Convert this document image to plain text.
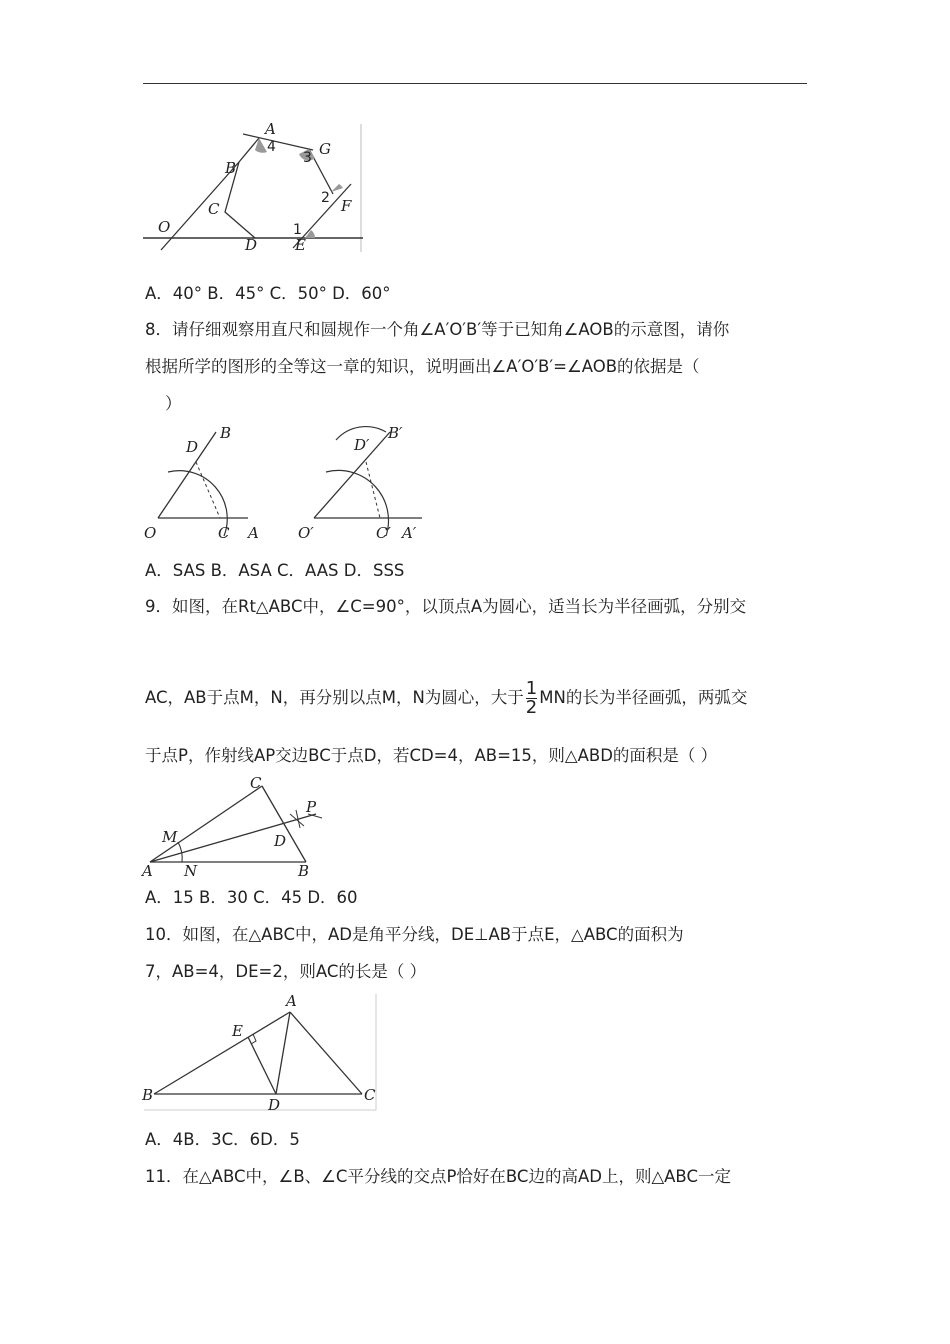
A
4
3 G
B
2 F
C
O	1
D	E
A．40° B．45° C．50° D．60°
8．请仔细观察用直尺和圆规作一个角∠A′O′B′等于已知角∠AOB的示意图，请你
根据所学的图形的全等这一章的知识，说明画出∠A′O′B′=∠AOB的依据是（
）
D
B
O	C A
D′
B′
O′	C′ A′
A．SAS B．ASA C．AAS D．SSS
9．如图，在Rt△ABC中，∠C=90°，以顶点A为圆心，适当长为半径画弧，分别交
AC，AB于点M，N，再分别以点M，N为圆心，大于 $\frac{1}{2}$ MN的长为半径画弧，两弧交
于点P，作射线AP交边BC于点D，若CD=4，AB=15，则△ABD的面积是（ ）
C
P
M	D
A N	B
A．15 B．30 C．45 D．60
10．如图，在△ABC中，AD是角平分线，DE⊥AB于点E，△ABC的面积为
7，AB=4，DE=2，则AC的长是（ ）
A
E
B
D
C
A．4B．3C．6D．5
11．在△ABC中，∠B、∠C平分线的交点P恰好在BC边的高AD上，则△ABC一定
